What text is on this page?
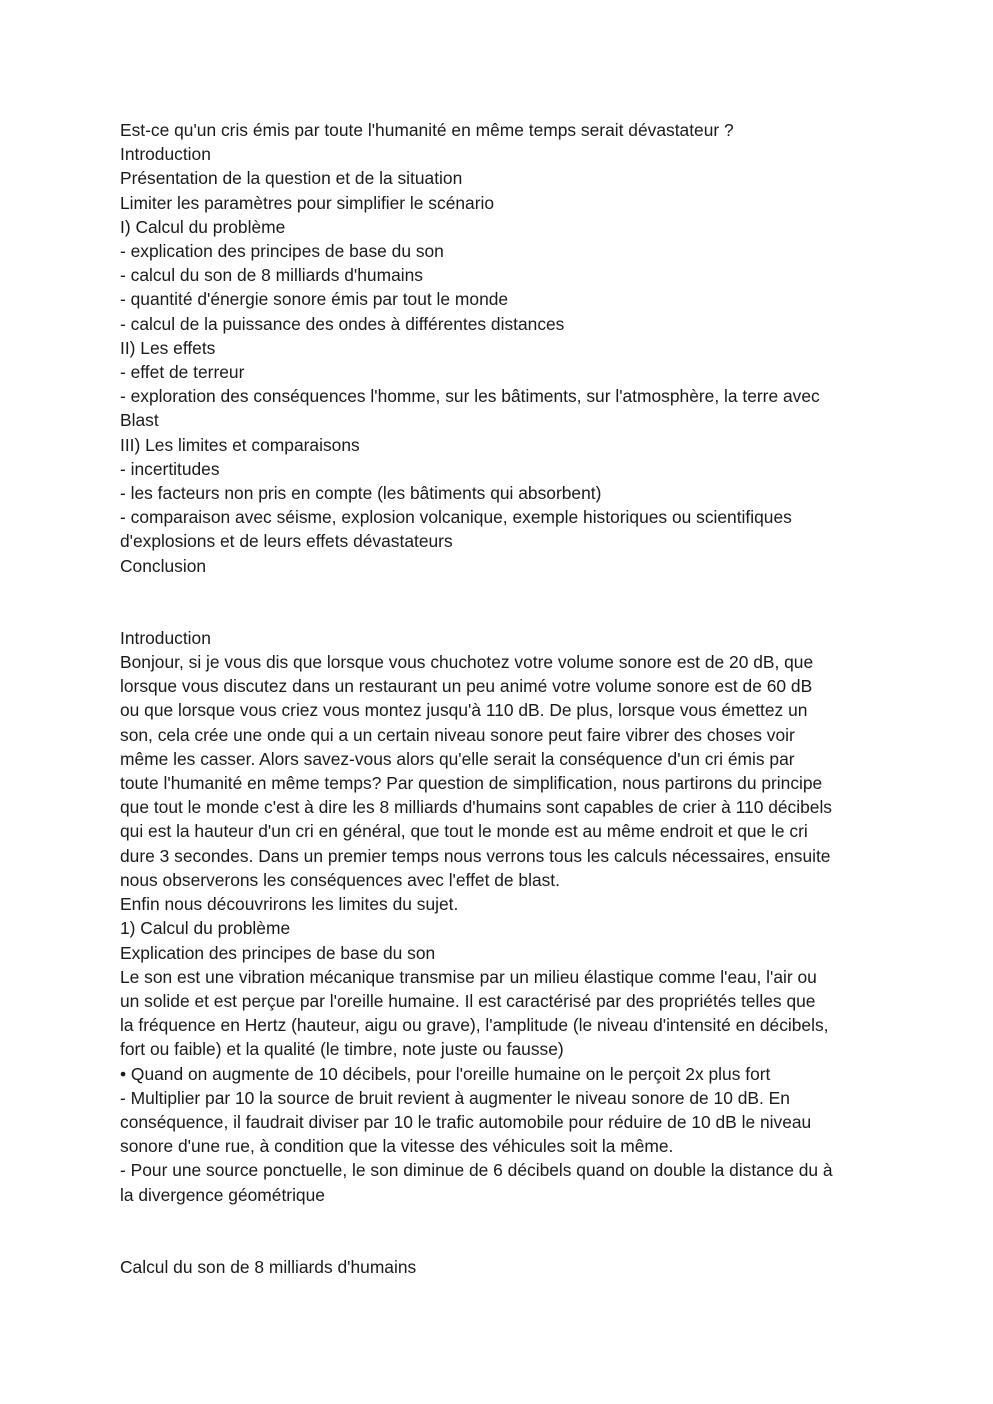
Est-ce qu'un cris émis par toute l'humanité en même temps serait dévastateur ?

Introduction

Présentation de la question et de la situation

Limiter les paramètres pour simplifier le scénario

I) Calcul du problème

- explication des principes de base du son

- calcul du son de 8 milliards d'humains

- quantité d'énergie sonore émis par tout le monde

- calcul de la puissance des ondes à différentes distances

II) Les effets

- effet de terreur

- exploration des conséquences l'homme, sur les bâtiments, sur l'atmosphère, la terre avec

Blast

III) Les limites et comparaisons

- incertitudes

- les facteurs non pris en compte (les bâtiments qui absorbent)

- comparaison avec séisme, explosion volcanique, exemple historiques ou scientifiques

d'explosions et de leurs effets dévastateurs

Conclusion

Introduction

Bonjour, si je vous dis que lorsque vous chuchotez votre volume sonore est de 20 dB, que

lorsque vous discutez dans un restaurant un peu animé votre volume sonore est de 60 dB

ou que lorsque vous criez vous montez jusqu'à 110 dB. De plus, lorsque vous émettez un

son, cela crée une onde qui a un certain niveau sonore peut faire vibrer des choses voir

même les casser. Alors savez-vous alors qu'elle serait la conséquence d'un cri émis par

toute l'humanité en même temps? Par question de simplification, nous partirons du principe

que tout le monde c'est à dire les 8 milliards d'humains sont capables de crier à 110 décibels

qui est la hauteur d'un cri en général, que tout le monde est au même endroit et que le cri

dure 3 secondes. Dans un premier temps nous verrons tous les calculs nécessaires, ensuite

nous observerons les conséquences avec l'effet de blast.

Enfin nous découvrirons les limites du sujet.

1) Calcul du problème

Explication des principes de base du son

Le son est une vibration mécanique transmise par un milieu élastique comme l'eau, l'air ou

un solide et est perçue par l'oreille humaine. Il est caractérisé par des propriétés telles que

la fréquence en Hertz (hauteur, aigu ou grave), l'amplitude (le niveau d'intensité en décibels,

fort ou faible) et la qualité (le timbre, note juste ou fausse)

• Quand on augmente de 10 décibels, pour l'oreille humaine on le perçoit 2x plus fort

- Multiplier par 10 la source de bruit revient à augmenter le niveau sonore de 10 dB. En

conséquence, il faudrait diviser par 10 le trafic automobile pour réduire de 10 dB le niveau

sonore d'une rue, à condition que la vitesse des véhicules soit la même.

- Pour une source ponctuelle, le son diminue de 6 décibels quand on double la distance du à

la divergence géométrique

Calcul du son de 8 milliards d'humains
